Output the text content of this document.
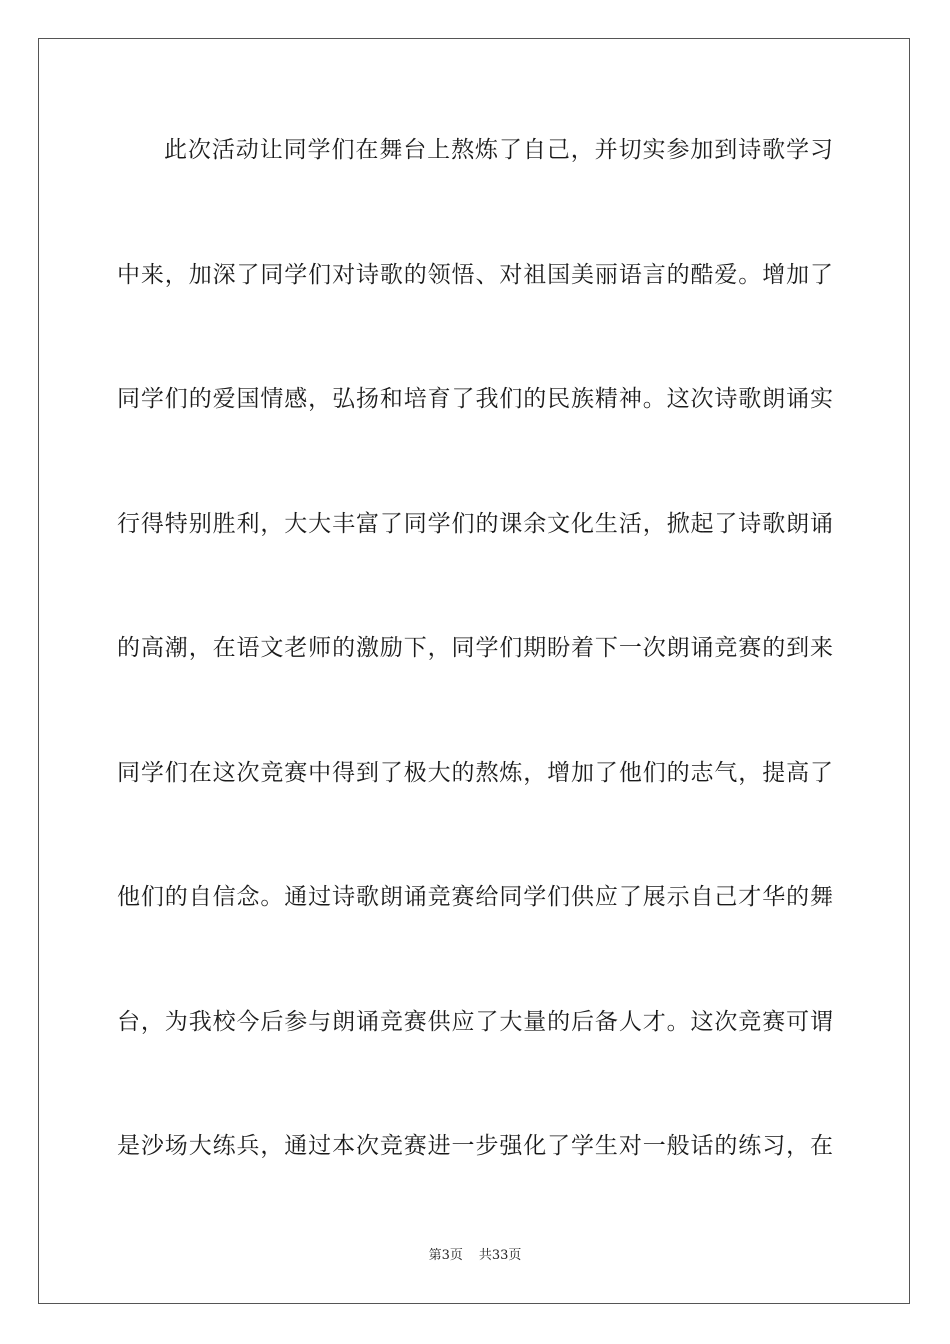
此次活动让同学们在舞台上熬炼了自己，并切实参加到诗歌学习
中来，加深了同学们对诗歌的领悟、对祖国美丽语言的酷爱。增加了
同学们的爱国情感，弘扬和培育了我们的民族精神。这次诗歌朗诵实
行得特别胜利，大大丰富了同学们的课余文化生活，掀起了诗歌朗诵
的高潮，在语文老师的激励下，同学们期盼着下一次朗诵竞赛的到来
同学们在这次竞赛中得到了极大的熬炼，增加了他们的志气，提高了
他们的自信念。通过诗歌朗诵竞赛给同学们供应了展示自己才华的舞
台，为我校今后参与朗诵竞赛供应了大量的后备人才。这次竞赛可谓
是沙场大练兵，通过本次竞赛进一步强化了学生对一般话的练习，在
第3页 共33页
